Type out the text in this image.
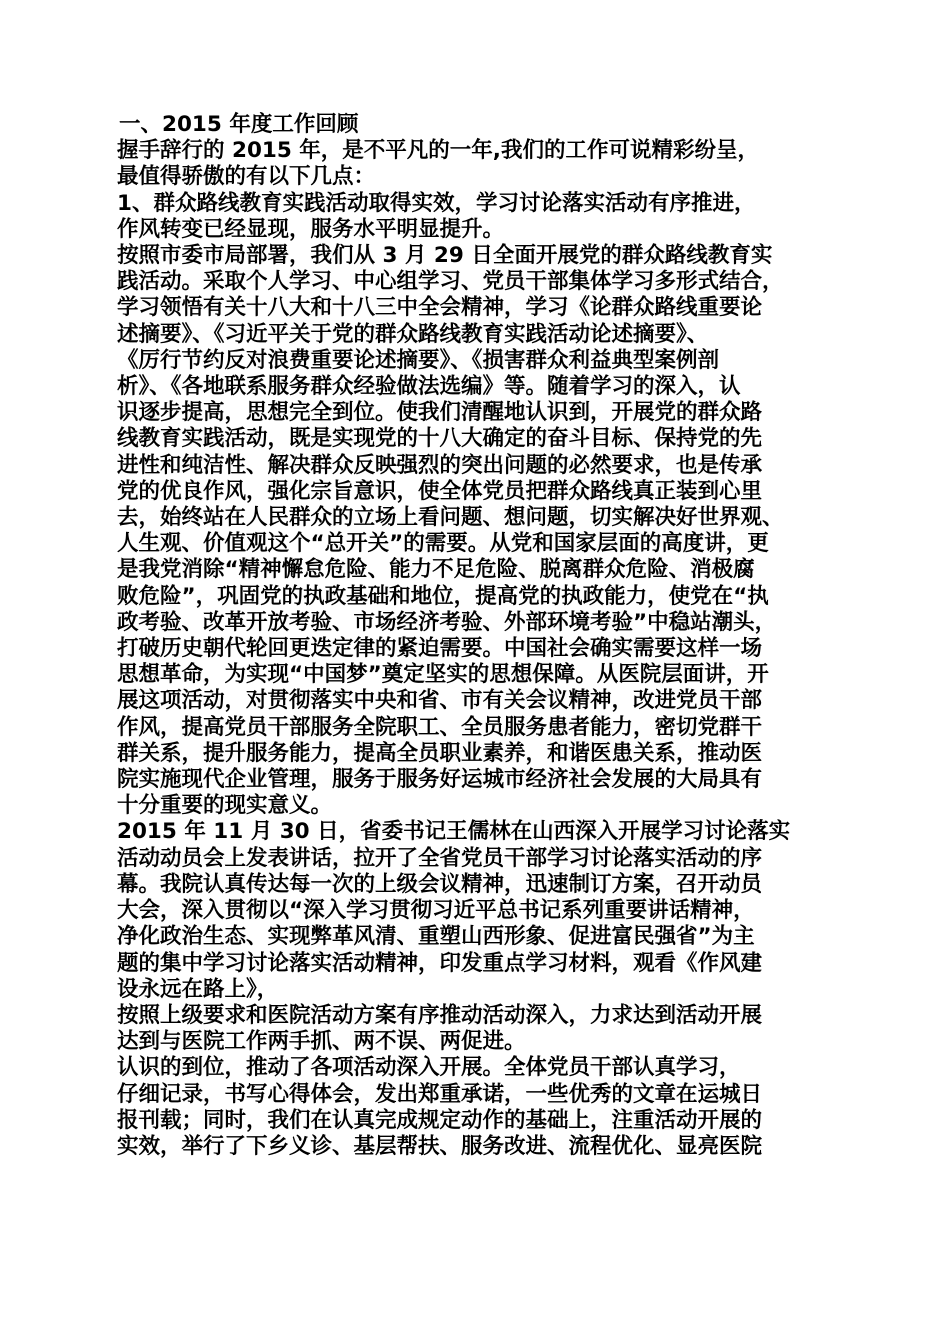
一、2015 年度工作回顾

握手辞行的 2015 年，是不平凡的一年,我们的工作可说精彩纷呈，
最值得骄傲的有以下几点：

1、群众路线教育实践活动取得实效，学习讨论落实活动有序推进，
作风转变已经显现，服务水平明显提升。

按照市委市局部署，我们从 3 月 29 日全面开展党的群众路线教育实
践活动。采取个人学习、中心组学习、党员干部集体学习多形式结合，
学习领悟有关十八大和十八三中全会精神，学习《论群众路线重要论
述摘要》、《习近平关于党的群众路线教育实践活动论述摘要》、
《厉行节约反对浪费重要论述摘要》、《损害群众利益典型案例剖
析》、《各地联系服务群众经验做法选编》等。随着学习的深入，认
识逐步提高，思想完全到位。使我们清醒地认识到，开展党的群众路
线教育实践活动，既是实现党的十八大确定的奋斗目标、保持党的先
进性和纯洁性、解决群众反映强烈的突出问题的必然要求，也是传承
党的优良作风，强化宗旨意识，使全体党员把群众路线真正装到心里
去，始终站在人民群众的立场上看问题、想问题，切实解决好世界观、
人生观、价值观这个“总开关”的需要。从党和国家层面的高度讲，更
是我党消除“精神懈怠危险、能力不足危险、脱离群众危险、消极腐
败危险”，巩固党的执政基础和地位，提高党的执政能力，使党在“执
政考验、改革开放考验、市场经济考验、外部环境考验”中稳站潮头，
打破历史朝代轮回更迭定律的紧迫需要。中国社会确实需要这样一场
思想革命，为实现“中国梦”奠定坚实的思想保障。从医院层面讲，开
展这项活动，对贯彻落实中央和省、市有关会议精神，改进党员干部
作风，提高党员干部服务全院职工、全员服务患者能力，密切党群干
群关系，提升服务能力，提高全员职业素养，和谐医患关系，推动医
院实施现代企业管理，服务于服务好运城市经济社会发展的大局具有
十分重要的现实意义。

2015 年 11 月 30 日，省委书记王儒林在山西深入开展学习讨论落实
活动动员会上发表讲话，拉开了全省党员干部学习讨论落实活动的序
幕。我院认真传达每一次的上级会议精神，迅速制订方案，召开动员
大会，深入贯彻以“深入学习贯彻习近平总书记系列重要讲话精神，
净化政治生态、实现弊革风清、重塑山西形象、促进富民强省”为主
题的集中学习讨论落实活动精神，印发重点学习材料，观看《作风建
设永远在路上》，

按照上级要求和医院活动方案有序推动活动深入，力求达到活动开展
达到与医院工作两手抓、两不误、两促进。

认识的到位，推动了各项活动深入开展。全体党员干部认真学习，
仔细记录，书写心得体会，发出郑重承诺，一些优秀的文章在运城日
报刊载；同时，我们在认真完成规定动作的基础上，注重活动开展的
实效，举行了下乡义诊、基层帮扶、服务改进、流程优化、显亮医院
